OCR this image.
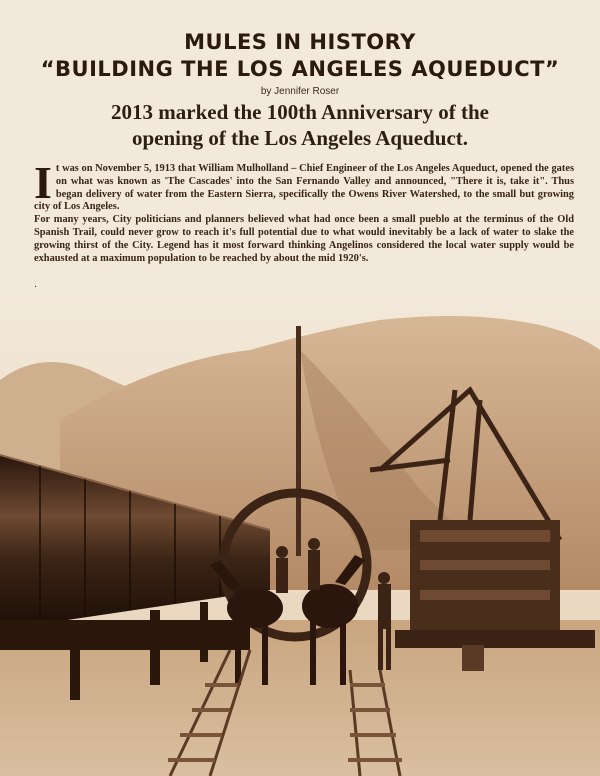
MULES IN HISTORY
“BUILDING THE LOS ANGELES AQUEDUCT”
by Jennifer Roser
2013 marked the 100th Anniversary of the
opening of the Los Angeles Aqueduct.

It was on November 5, 1913 that William Mulholland – Chief Engineer of the Los Angeles Aqueduct, opened the gates on what was known as 'The Cascades' into the San Fernando Valley and announced, "There it is, take it". Thus began delivery of water from the Eastern Sierra, specifically the Owens River Watershed, to the small but growing city of Los Angeles.

For many years, City politicians and planners believed what had once been a small pueblo at the terminus of the Old Spanish Trail, could never grow to reach it's full potential due to what would inevitably be a lack of water to slake the growing thirst of the City. Legend has it most forward thinking Angelinos considered the local water supply would be exhausted at a maximum population to be reached by about the mid 1920's.

.
